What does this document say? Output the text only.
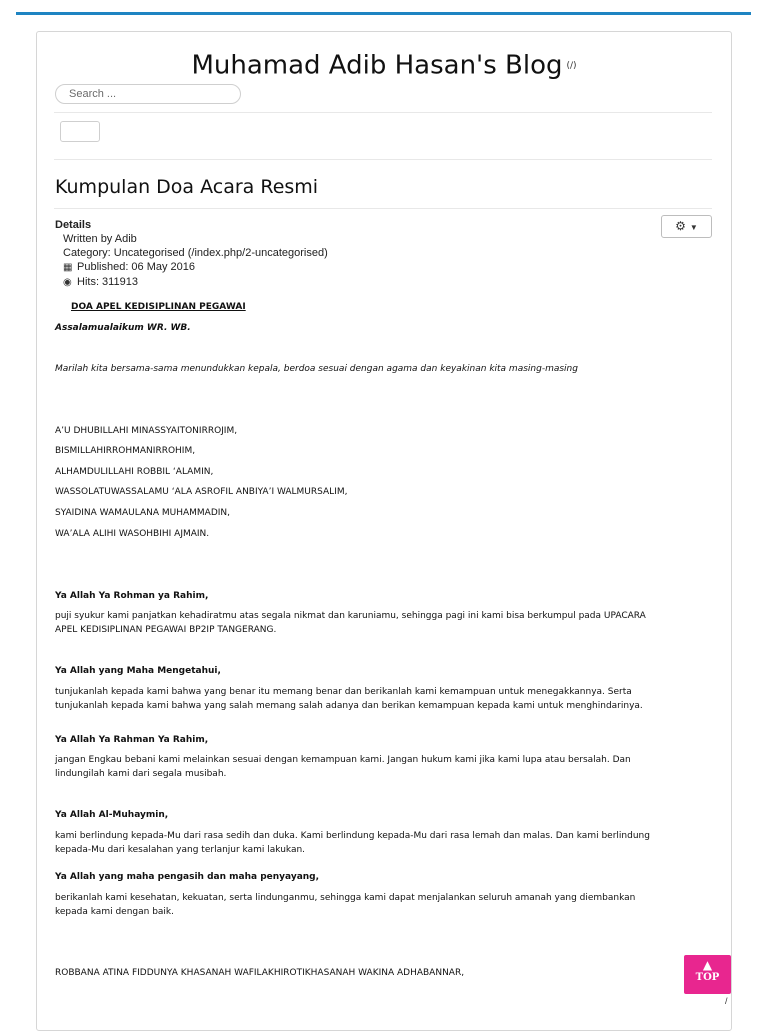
Muhamad Adib Hasan's Blog (/)
Search ...
Kumpulan Doa Acara Resmi
⚙ ▼
Details
Written by Adib
Category: Uncategorised (/index.php/2-uncategorised)
▦ Published: 06 May 2016
◉ Hits: 311913
DOA APEL KEDISIPLINAN PEGAWAI
Assalamualaikum WR. WB.
Marilah kita bersama-sama menundukkan kepala, berdoa sesuai dengan agama dan keyakinan kita masing-masing
A’U DHUBILLAHI MINASSYAITONIRROJIM,
BISMILLAHIRROHMANIRROHIM,
ALHAMDULILLAHI ROBBIL ‘ALAMIN,
WASSOLATUWASSALAMU ‘ALA ASROFIL ANBIYA’I WALMURSALIM,
SYAIDINA WAMAULANA MUHAMMADIN,
WA’ALA ALIHI WASOHBIHI AJMAIN.
Ya Allah Ya Rohman ya Rahim,
puji syukur kami panjatkan kehadiratmu atas segala nikmat dan karuniamu, sehingga pagi ini kami bisa berkumpul pada UPACARA
APEL KEDISIPLINAN PEGAWAI BP2IP TANGERANG.
Ya Allah yang Maha Mengetahui,
tunjukanlah kepada kami bahwa yang benar itu memang benar dan berikanlah kami kemampuan untuk menegakkannya. Serta
tunjukanlah kepada kami bahwa yang salah memang salah adanya dan berikan kemampuan kepada kami untuk menghindarinya.
Ya Allah Ya Rahman Ya Rahim,
jangan Engkau bebani kami melainkan sesuai dengan kemampuan kami. Jangan hukum kami jika kami lupa atau bersalah. Dan
lindungilah kami dari segala musibah.
Ya Allah Al-Muhaymin,
kami berlindung kepada-Mu dari rasa sedih dan duka. Kami berlindung kepada-Mu dari rasa lemah dan malas. Dan kami berlindung
kepada-Mu dari kesalahan yang terlanjur kami lakukan.
Ya Allah yang maha pengasih dan maha penyayang,
berikanlah kami kesehatan, kekuatan, serta lindunganmu, sehingga kami dapat menjalankan seluruh amanah yang diembankan
kepada kami dengan baik.
ROBBANA ATINA FIDDUNYA KHASANAH WAFILAKHIROTIKHASANAH WAKINA ADHABANNAR,
▲
TOP
/
